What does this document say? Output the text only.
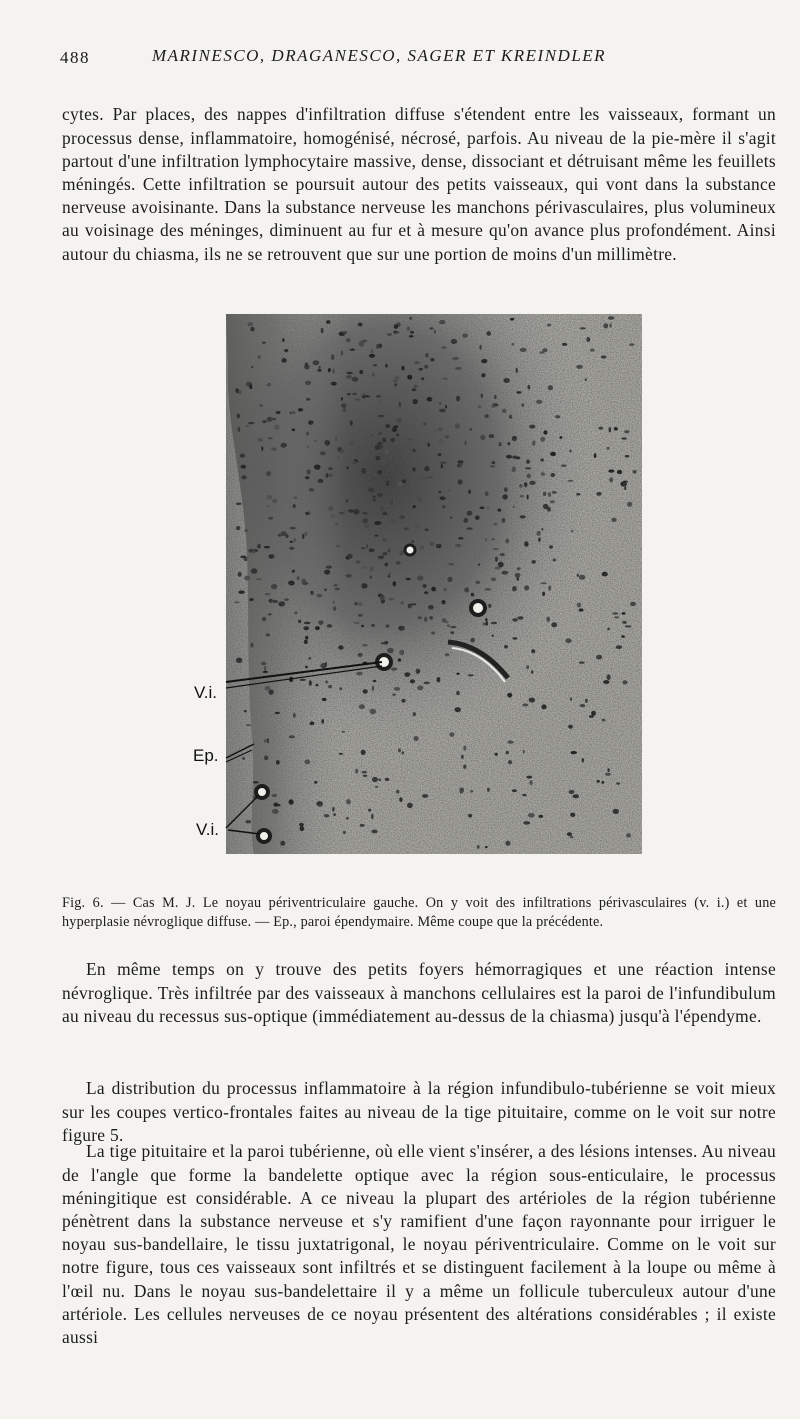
488	MARINESCO, DRAGANESCO, SAGER ET KREINDLER

cytes. Par places, des nappes d'infiltration diffuse s'étendent entre les vaisseaux, formant un processus dense, inflammatoire, homogénisé, nécrosé, parfois. Au niveau de la pie-mère il s'agit partout d'une infiltration lymphocytaire massive, dense, dissociant et détruisant même les feuillets méningés. Cette infiltration se poursuit autour des petits vaisseaux, qui vont dans la substance nerveuse avoisinante. Dans la substance nerveuse les manchons périvasculaires, plus volumineux au voisinage des méninges, diminuent au fur et à mesure qu'on avance plus profondément. Ainsi autour du chiasma, ils ne se retrouvent que sur une portion de moins d'un millimètre.

V.i.
Ep.
V.i.

Fig. 6. — Cas M. J. Le noyau périventriculaire gauche. On y voit des infiltrations périvasculaires (v. i.) et une hyperplasie névroglique diffuse. — Ep., paroi épendymaire. Même coupe que la précédente.

En même temps on y trouve des petits foyers hémorragiques et une réaction intense névroglique. Très infiltrée par des vaisseaux à manchons cellulaires est la paroi de l'infundibulum au niveau du recessus sus-optique (immédiatement au-dessus de la chiasma) jusqu'à l'épendyme.

La distribution du processus inflammatoire à la région infundibulo-tubérienne se voit mieux sur les coupes vertico-frontales faites au niveau de la tige pituitaire, comme on le voit sur notre figure 5.

La tige pituitaire et la paroi tubérienne, où elle vient s'insérer, a des lésions intenses. Au niveau de l'angle que forme la bandelette optique avec la région sous-enticulaire, le processus méningitique est considérable. A ce niveau la plupart des artérioles de la région tubérienne pénètrent dans la substance nerveuse et s'y ramifient d'une façon rayonnante pour irriguer le noyau sus-bandellaire, le tissu juxtatrigonal, le noyau périventriculaire. Comme on le voit sur notre figure, tous ces vaisseaux sont infiltrés et se distinguent facilement à la loupe ou même à l'œil nu. Dans le noyau sus-bandelettaire il y a même un follicule tuberculeux autour d'une artériole. Les cellules nerveuses de ce noyau présentent des altérations considérables ; il existe aussi
